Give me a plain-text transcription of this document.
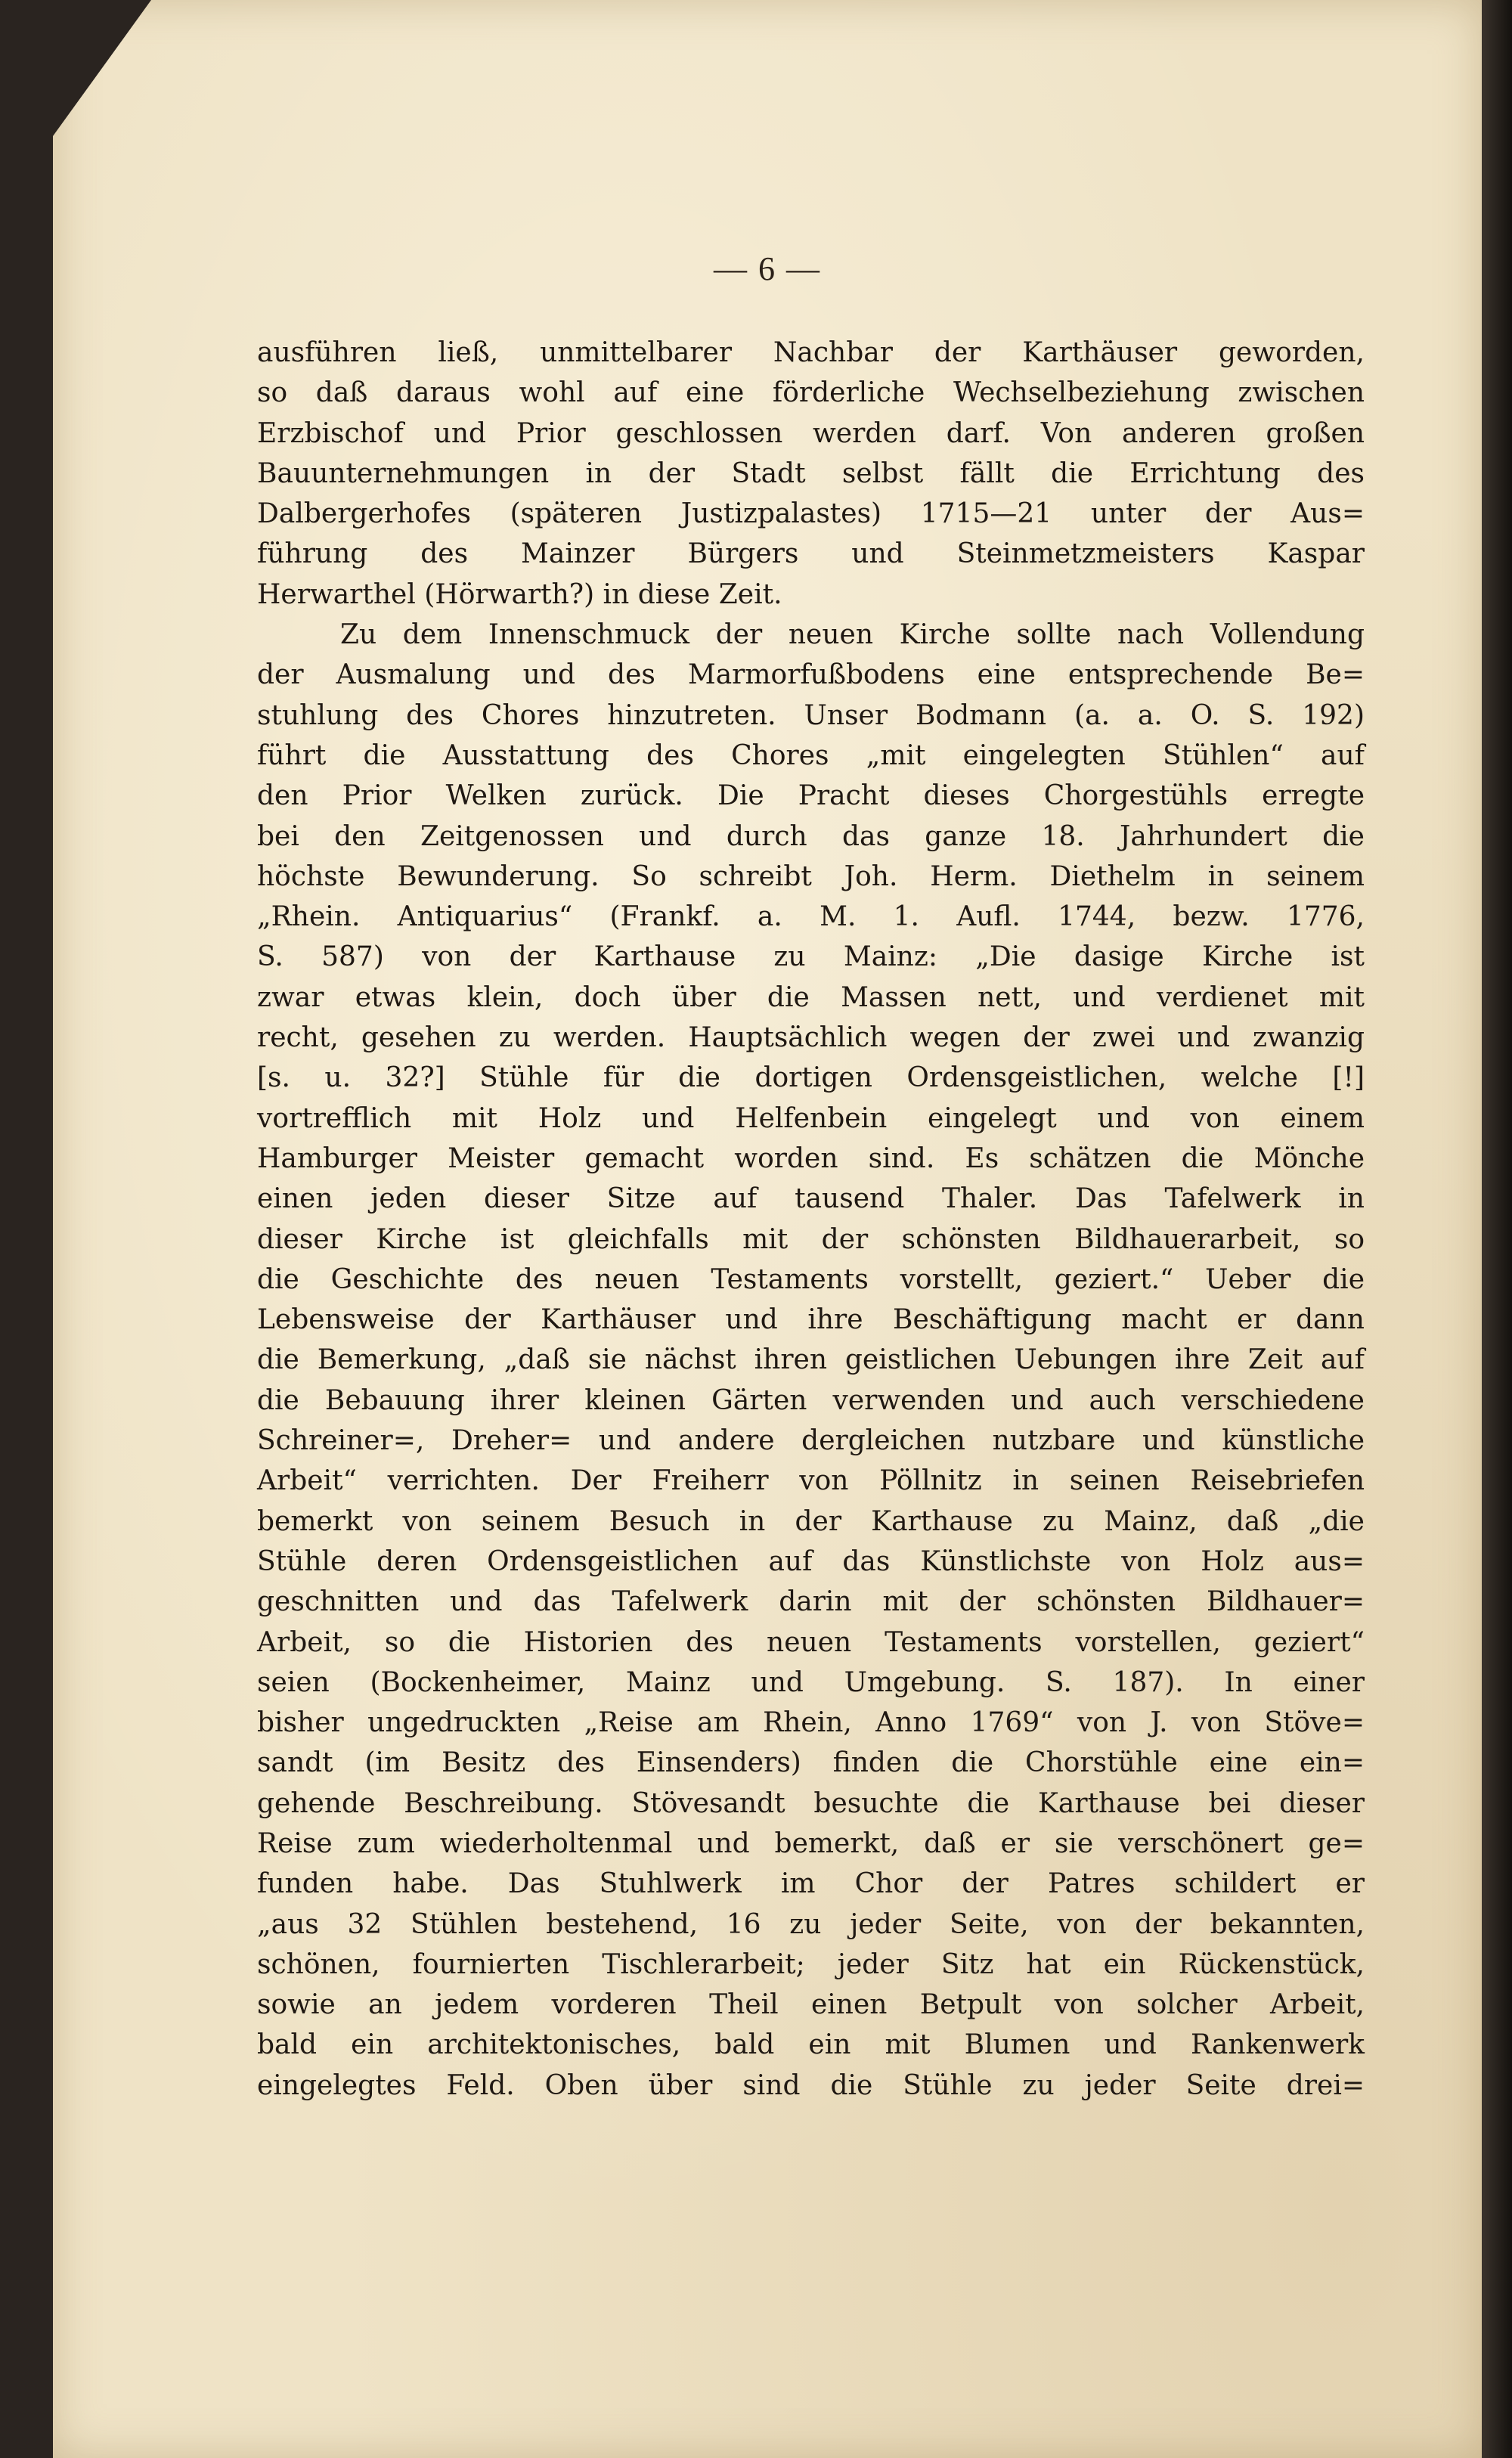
— 6 —
ausführen ließ, unmittelbarer Nachbar der Karthäuser geworden,
so daß daraus wohl auf eine förderliche Wechselbeziehung zwischen
Erzbischof und Prior geschlossen werden darf. Von anderen großen
Bauunternehmungen in der Stadt selbst fällt die Errichtung des
Dalbergerhofes (späteren Justizpalastes) 1715—21 unter der Aus=
führung des Mainzer Bürgers und Steinmetzmeisters Kaspar
Herwarthel (Hörwarth?) in diese Zeit.
Zu dem Innenschmuck der neuen Kirche sollte nach Vollendung
der Ausmalung und des Marmorfußbodens eine entsprechende Be=
stuhlung des Chores hinzutreten. Unser Bodmann (a. a. O. S. 192)
führt die Ausstattung des Chores „mit eingelegten Stühlen“ auf
den Prior Welken zurück. Die Pracht dieses Chorgestühls erregte
bei den Zeitgenossen und durch das ganze 18. Jahrhundert die
höchste Bewunderung. So schreibt Joh. Herm. Diethelm in seinem
„Rhein. Antiquarius“ (Frankf. a. M. 1. Aufl. 1744, bezw. 1776,
S. 587) von der Karthause zu Mainz: „Die dasige Kirche ist
zwar etwas klein, doch über die Massen nett, und verdienet mit
recht, gesehen zu werden. Hauptsächlich wegen der zwei und zwanzig
[s. u. 32?] Stühle für die dortigen Ordensgeistlichen, welche [!]
vortrefflich mit Holz und Helfenbein eingelegt und von einem
Hamburger Meister gemacht worden sind. Es schätzen die Mönche
einen jeden dieser Sitze auf tausend Thaler. Das Tafelwerk in
dieser Kirche ist gleichfalls mit der schönsten Bildhauerarbeit, so
die Geschichte des neuen Testaments vorstellt, geziert.“ Ueber die
Lebensweise der Karthäuser und ihre Beschäftigung macht er dann
die Bemerkung, „daß sie nächst ihren geistlichen Uebungen ihre Zeit auf
die Bebauung ihrer kleinen Gärten verwenden und auch verschiedene
Schreiner=, Dreher= und andere dergleichen nutzbare und künstliche
Arbeit“ verrichten. Der Freiherr von Pöllnitz in seinen Reisebriefen
bemerkt von seinem Besuch in der Karthause zu Mainz, daß „die
Stühle deren Ordensgeistlichen auf das Künstlichste von Holz aus=
geschnitten und das Tafelwerk darin mit der schönsten Bildhauer=
Arbeit, so die Historien des neuen Testaments vorstellen, geziert“
seien (Bockenheimer, Mainz und Umgebung. S. 187). In einer
bisher ungedruckten „Reise am Rhein, Anno 1769“ von J. von Stöve=
sandt (im Besitz des Einsenders) finden die Chorstühle eine ein=
gehende Beschreibung. Stövesandt besuchte die Karthause bei dieser
Reise zum wiederholtenmal und bemerkt, daß er sie verschönert ge=
funden habe. Das Stuhlwerk im Chor der Patres schildert er
„aus 32 Stühlen bestehend, 16 zu jeder Seite, von der bekannten,
schönen, fournierten Tischlerarbeit; jeder Sitz hat ein Rückenstück,
sowie an jedem vorderen Theil einen Betpult von solcher Arbeit,
bald ein architektonisches, bald ein mit Blumen und Rankenwerk
eingelegtes Feld. Oben über sind die Stühle zu jeder Seite drei=
